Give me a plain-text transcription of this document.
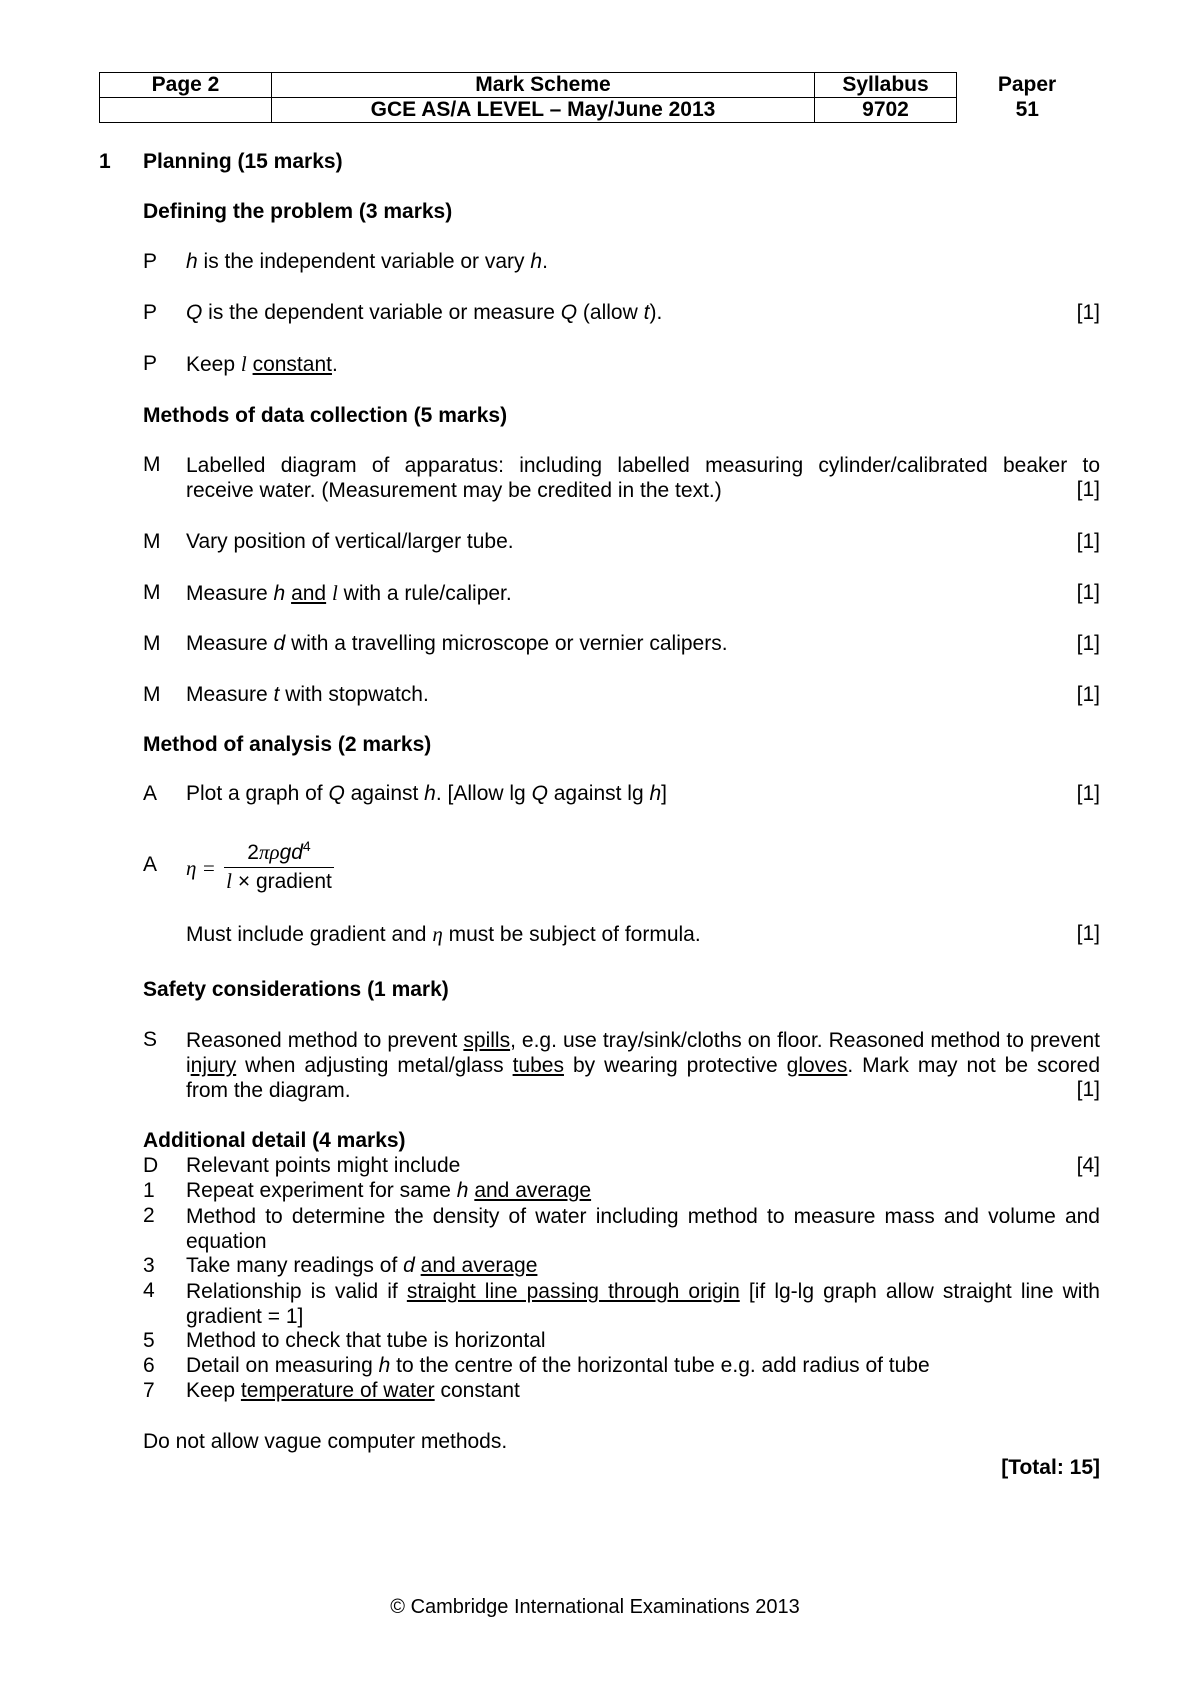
Page 2	Mark Scheme	Syllabus	Paper
	GCE AS/A LEVEL – May/June 2013	9702	51
1 Planning (15 marks)
Defining the problem (3 marks)
P h is the independent variable or vary h.
P Q is the dependent variable or measure Q (allow t).	[1]
P Keep l constant.
Methods of data collection (5 marks)
M Labelled diagram of apparatus: including labelled measuring cylinder/calibrated beaker to
receive water. (Measurement may be credited in the text.)	[1]
M Vary position of vertical/larger tube.	[1]
M Measure h and l with a rule/caliper.	[1]
M Measure d with a travelling microscope or vernier calipers.	[1]
M Measure t with stopwatch.	[1]
Method of analysis (2 marks)
A Plot a graph of Q against h. [Allow lg Q against lg h]	[1]
A η =
2πρgd$^4$
l × gradient
Must include gradient and η must be subject of formula.	[1]
Safety considerations (1 mark)
S Reasoned method to prevent spills, e.g. use tray/sink/cloths on floor. Reasoned method to prevent injury when adjusting metal/glass tubes by wearing protective gloves. Mark may not be scored from the diagram.	[1]
Additional detail (4 marks)
D Relevant points might include	[4]
1 Repeat experiment for same h and average
2 Method to determine the density of water including method to measure mass and volume and equation
3 Take many readings of d and average
4 Relationship is valid if straight line passing through origin [if lg-lg graph allow straight line with gradient = 1]
5 Method to check that tube is horizontal
6 Detail on measuring h to the centre of the horizontal tube e.g. add radius of tube
7 Keep temperature of water constant
Do not allow vague computer methods.
[Total: 15]
© Cambridge International Examinations 2013
